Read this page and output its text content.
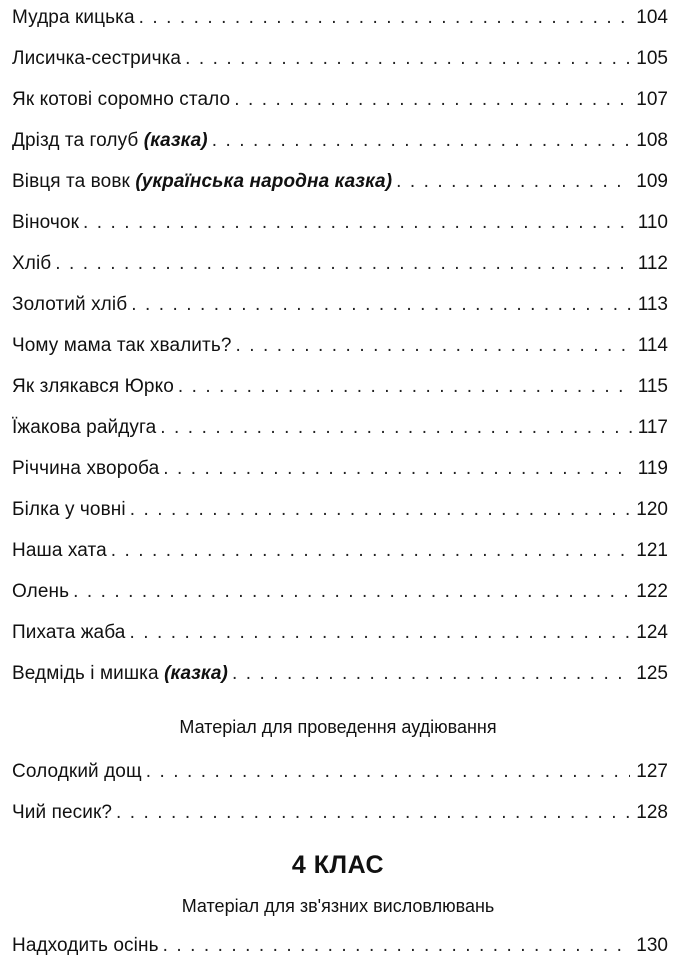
Мудра кицька . . .	104
Лисичка-сестричка . . .	105
Як котові соромно стало . . .	107
Дрізд та голуб (казка) . . .	108
Вівця та вовк (українська народна казка) . . .	109
Віночок . . .	110
Хліб . . .	112
Золотий хліб . . .	113
Чому мама так хвалить? . . .	114
Як злякався Юрко . . .	115
Їжакова райдуга . . .	117
Річчина хвороба . . .	119
Білка у човні . . .	120
Наша хата . . .	121
Олень . . .	122
Пихата жаба . . .	124
Ведмідь і мишка (казка) . . .	125
Матеріал для проведення аудіювання
Солодкий дощ . . .	127
Чий песик? . . .	128
4 КЛАС
Матеріал для зв'язних висловлювань
Надходить осінь . . .	130
